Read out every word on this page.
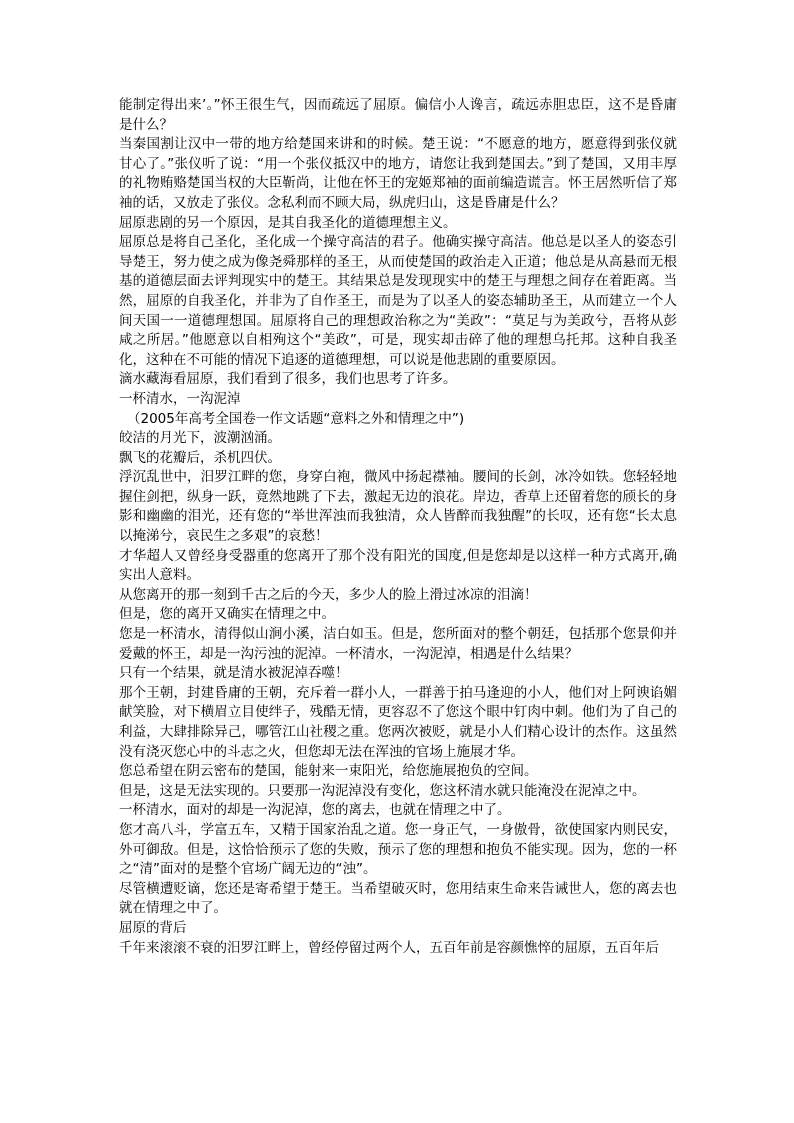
能制定得出来’。”怀王很生气，因而疏远了屈原。偏信小人谗言，疏远赤胆忠臣，这不是昏庸是什么？

当秦国割让汉中一带的地方给楚国来讲和的时候。楚王说：“不愿意的地方，愿意得到张仪就甘心了。”张仪听了说：“用一个张仪抵汉中的地方，请您让我到楚国去。”到了楚国，又用丰厚的礼物贿赂楚国当权的大臣靳尚，让他在怀王的宠姬郑袖的面前编造谎言。怀王居然听信了郑袖的话，又放走了张仪。念私利而不顾大局，纵虎归山，这是昏庸是什么？

屈原悲剧的另一个原因，是其自我圣化的道德理想主义。

屈原总是将自己圣化，圣化成一个操守高洁的君子。他确实操守高洁。他总是以圣人的姿态引导楚王，努力使之成为像尧舜那样的圣王，从而使楚国的政治走入正道；他总是从高悬而无根基的道德层面去评判现实中的楚王。其结果总是发现现实中的楚王与理想之间存在着距离。当然，屈原的自我圣化，并非为了自作圣王，而是为了以圣人的姿态辅助圣王，从而建立一个人间天国一一道德理想国。屈原将自己的理想政治称之为“美政”：“莫足与为美政兮，吾将从彭咸之所居。”他愿意以自相殉这个“美政”，可是，现实却击碎了他的理想乌托邦。这种自我圣化，这种在不可能的情况下追逐的道德理想，可以说是他悲剧的重要原因。

滴水藏海看屈原，我们看到了很多，我们也思考了许多。

一杯清水，一沟泥淖

（2005年高考全国卷一作文话题“意料之外和情理之中”)

皎洁的月光下，波潮汹涌。

飘飞的花瓣后，杀机四伏。

浮沉乱世中，汨罗江畔的您，身穿白袍，微风中扬起襟袖。腰间的长剑，冰冷如铁。您轻轻地握住剑把，纵身一跃，竟然地跳了下去，激起无边的浪花。岸边，香草上还留着您的颀长的身影和幽幽的泪光，还有您的“举世浑浊而我独清，众人皆醉而我独醒”的长叹，还有您“长太息以掩涕兮，哀民生之多艰”的哀愁！

才华超人又曾经身受器重的您离开了那个没有阳光的国度,但是您却是以这样一种方式离开,确实出人意料。

从您离开的那一刻到千古之后的今天，多少人的脸上滑过冰凉的泪滴！

但是，您的离开又确实在情理之中。

您是一杯清水，清得似山涧小溪，洁白如玉。但是，您所面对的整个朝廷，包括那个您景仰并爱戴的怀王，却是一沟污浊的泥淖。一杯清水，一沟泥淖，相遇是什么结果？

只有一个结果，就是清水被泥淖吞噬！

那个王朝，封建昏庸的王朝，充斥着一群小人，一群善于拍马逢迎的小人，他们对上阿谀谄媚献笑脸，对下横眉立目使绊子，残酷无情，更容忍不了您这个眼中钉肉中刺。他们为了自己的利益，大肆排除异己，哪管江山社稷之重。您两次被贬，就是小人们精心设计的杰作。这虽然没有浇灭您心中的斗志之火，但您却无法在浑浊的官场上施展才华。

您总希望在阴云密布的楚国，能射来一束阳光，给您施展抱负的空间。

但是，这是无法实现的。只要那一沟泥淖没有变化，您这杯清水就只能淹没在泥淖之中。

一杯清水，面对的却是一沟泥淖，您的离去，也就在情理之中了。

您才高八斗，学富五车，又精于国家治乱之道。您一身正气，一身傲骨，欲使国家内则民安，外可御敌。但是，这恰恰预示了您的失败，预示了您的理想和抱负不能实现。因为，您的一杯之“清”面对的是整个官场广阔无边的“浊”。

尽管横遭贬谪，您还是寄希望于楚王。当希望破灭时，您用结束生命来告诫世人，您的离去也就在情理之中了。

屈原的背后

千年来滚滚不衰的汨罗江畔上，曾经停留过两个人，五百年前是容颜憔悴的屈原，五百年后
